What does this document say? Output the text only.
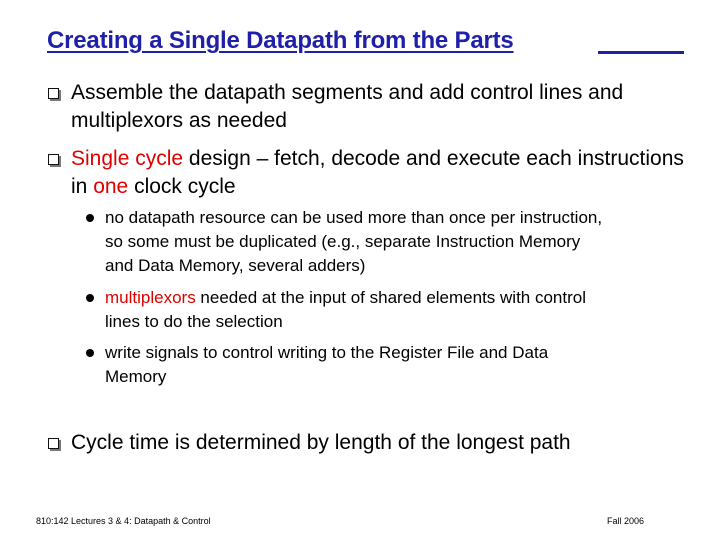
Creating a Single Datapath from the Parts
Assemble the datapath segments and add control lines and multiplexors as needed
Single cycle design – fetch, decode and execute each instructions in one clock cycle
no datapath resource can be used more than once per instruction, so some must be duplicated (e.g., separate Instruction Memory and Data Memory, several adders)
multiplexors needed at the input of shared elements with control lines to do the selection
write signals to control writing to the Register File and Data Memory
Cycle time is determined by length of the longest path
810:142 Lectures 3 & 4: Datapath & Control	Fall 2006
